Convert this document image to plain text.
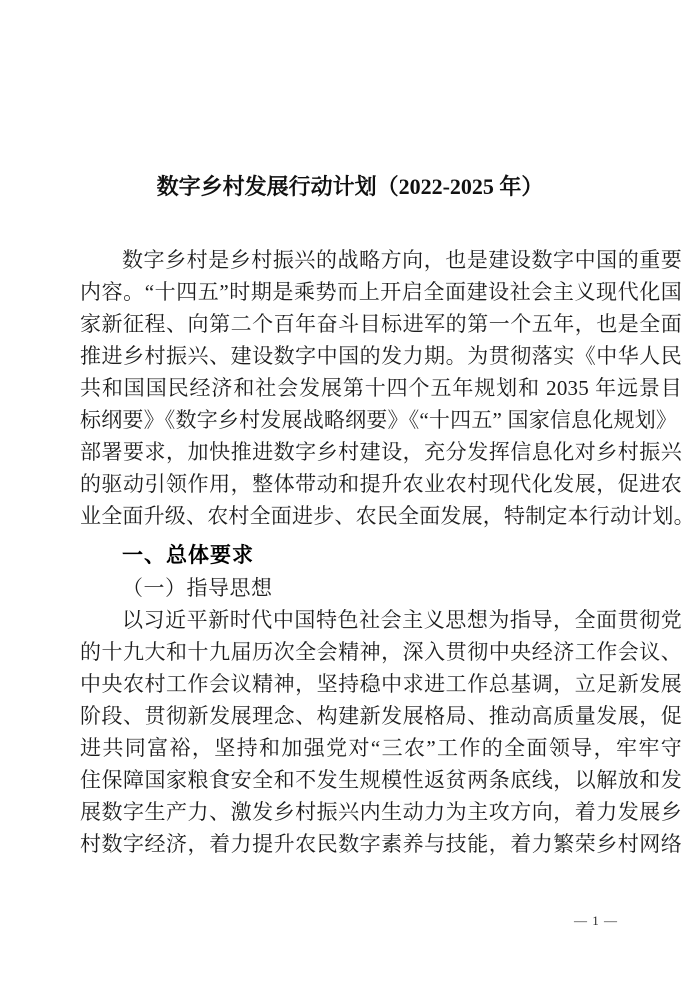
数字乡村发展行动计划（2022-2025 年）
数字乡村是乡村振兴的战略方向，也是建设数字中国的重要
内容。“十四五”时期是乘势而上开启全面建设社会主义现代化国
家新征程、向第二个百年奋斗目标进军的第一个五年，也是全面
推进乡村振兴、建设数字中国的发力期。为贯彻落实《中华人民
共和国国民经济和社会发展第十四个五年规划和 2035 年远景目
标纲要》《数字乡村发展战略纲要》《“十四五” 国家信息化规划》
部署要求，加快推进数字乡村建设，充分发挥信息化对乡村振兴
的驱动引领作用，整体带动和提升农业农村现代化发展，促进农
业全面升级、农村全面进步、农民全面发展，特制定本行动计划。
一、总体要求
（一）指导思想
以习近平新时代中国特色社会主义思想为指导，全面贯彻党
的十九大和十九届历次全会精神，深入贯彻中央经济工作会议、
中央农村工作会议精神，坚持稳中求进工作总基调，立足新发展
阶段、贯彻新发展理念、构建新发展格局、推动高质量发展，促
进共同富裕，坚持和加强党对“三农”工作的全面领导，牢牢守
住保障国家粮食安全和不发生规模性返贫两条底线，以解放和发
展数字生产力、激发乡村振兴内生动力为主攻方向，着力发展乡
村数字经济，着力提升农民数字素养与技能，着力繁荣乡村网络
— 1 —
